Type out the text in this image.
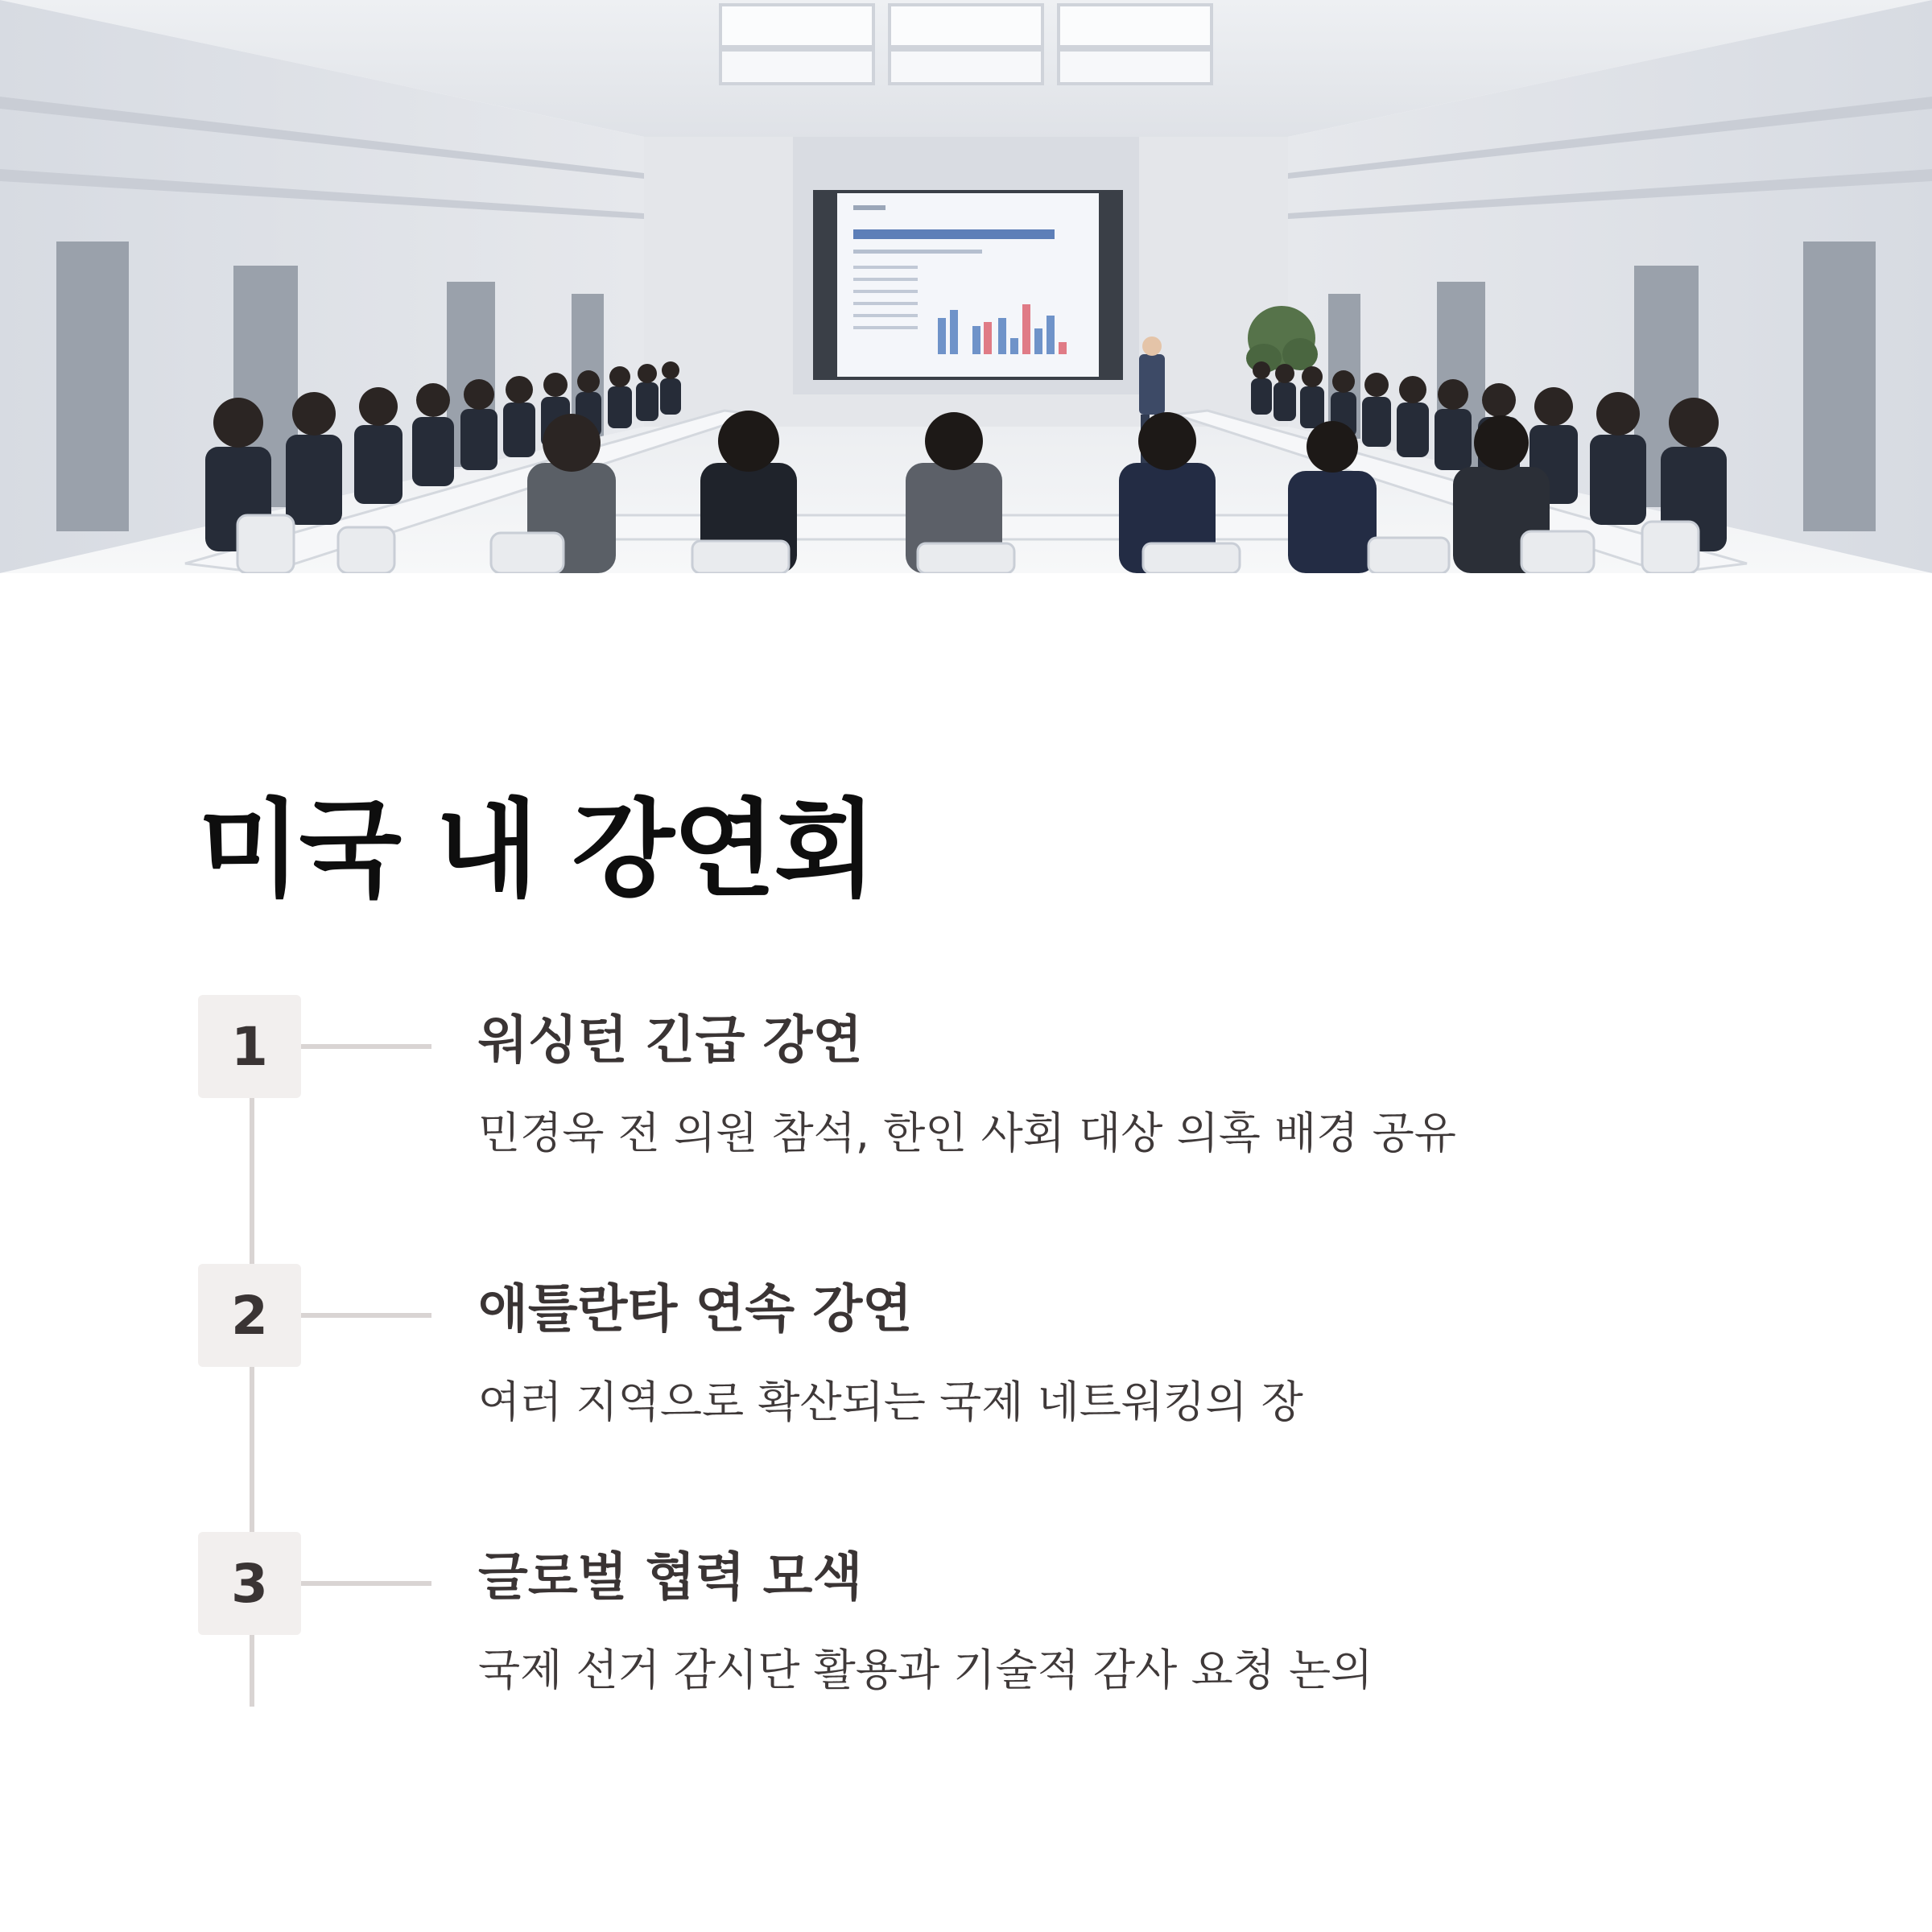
미국 내 강연회
1	워싱턴 긴급 강연

민경욱 전 의원 참석, 한인 사회 대상 의혹 배경 공유

2	애틀란타 연속 강연

여러 지역으로 확산되는 국제 네트워킹의 장

3	글로벌 협력 모색

국제 선거 감시단 활용과 기술적 감사 요청 논의
